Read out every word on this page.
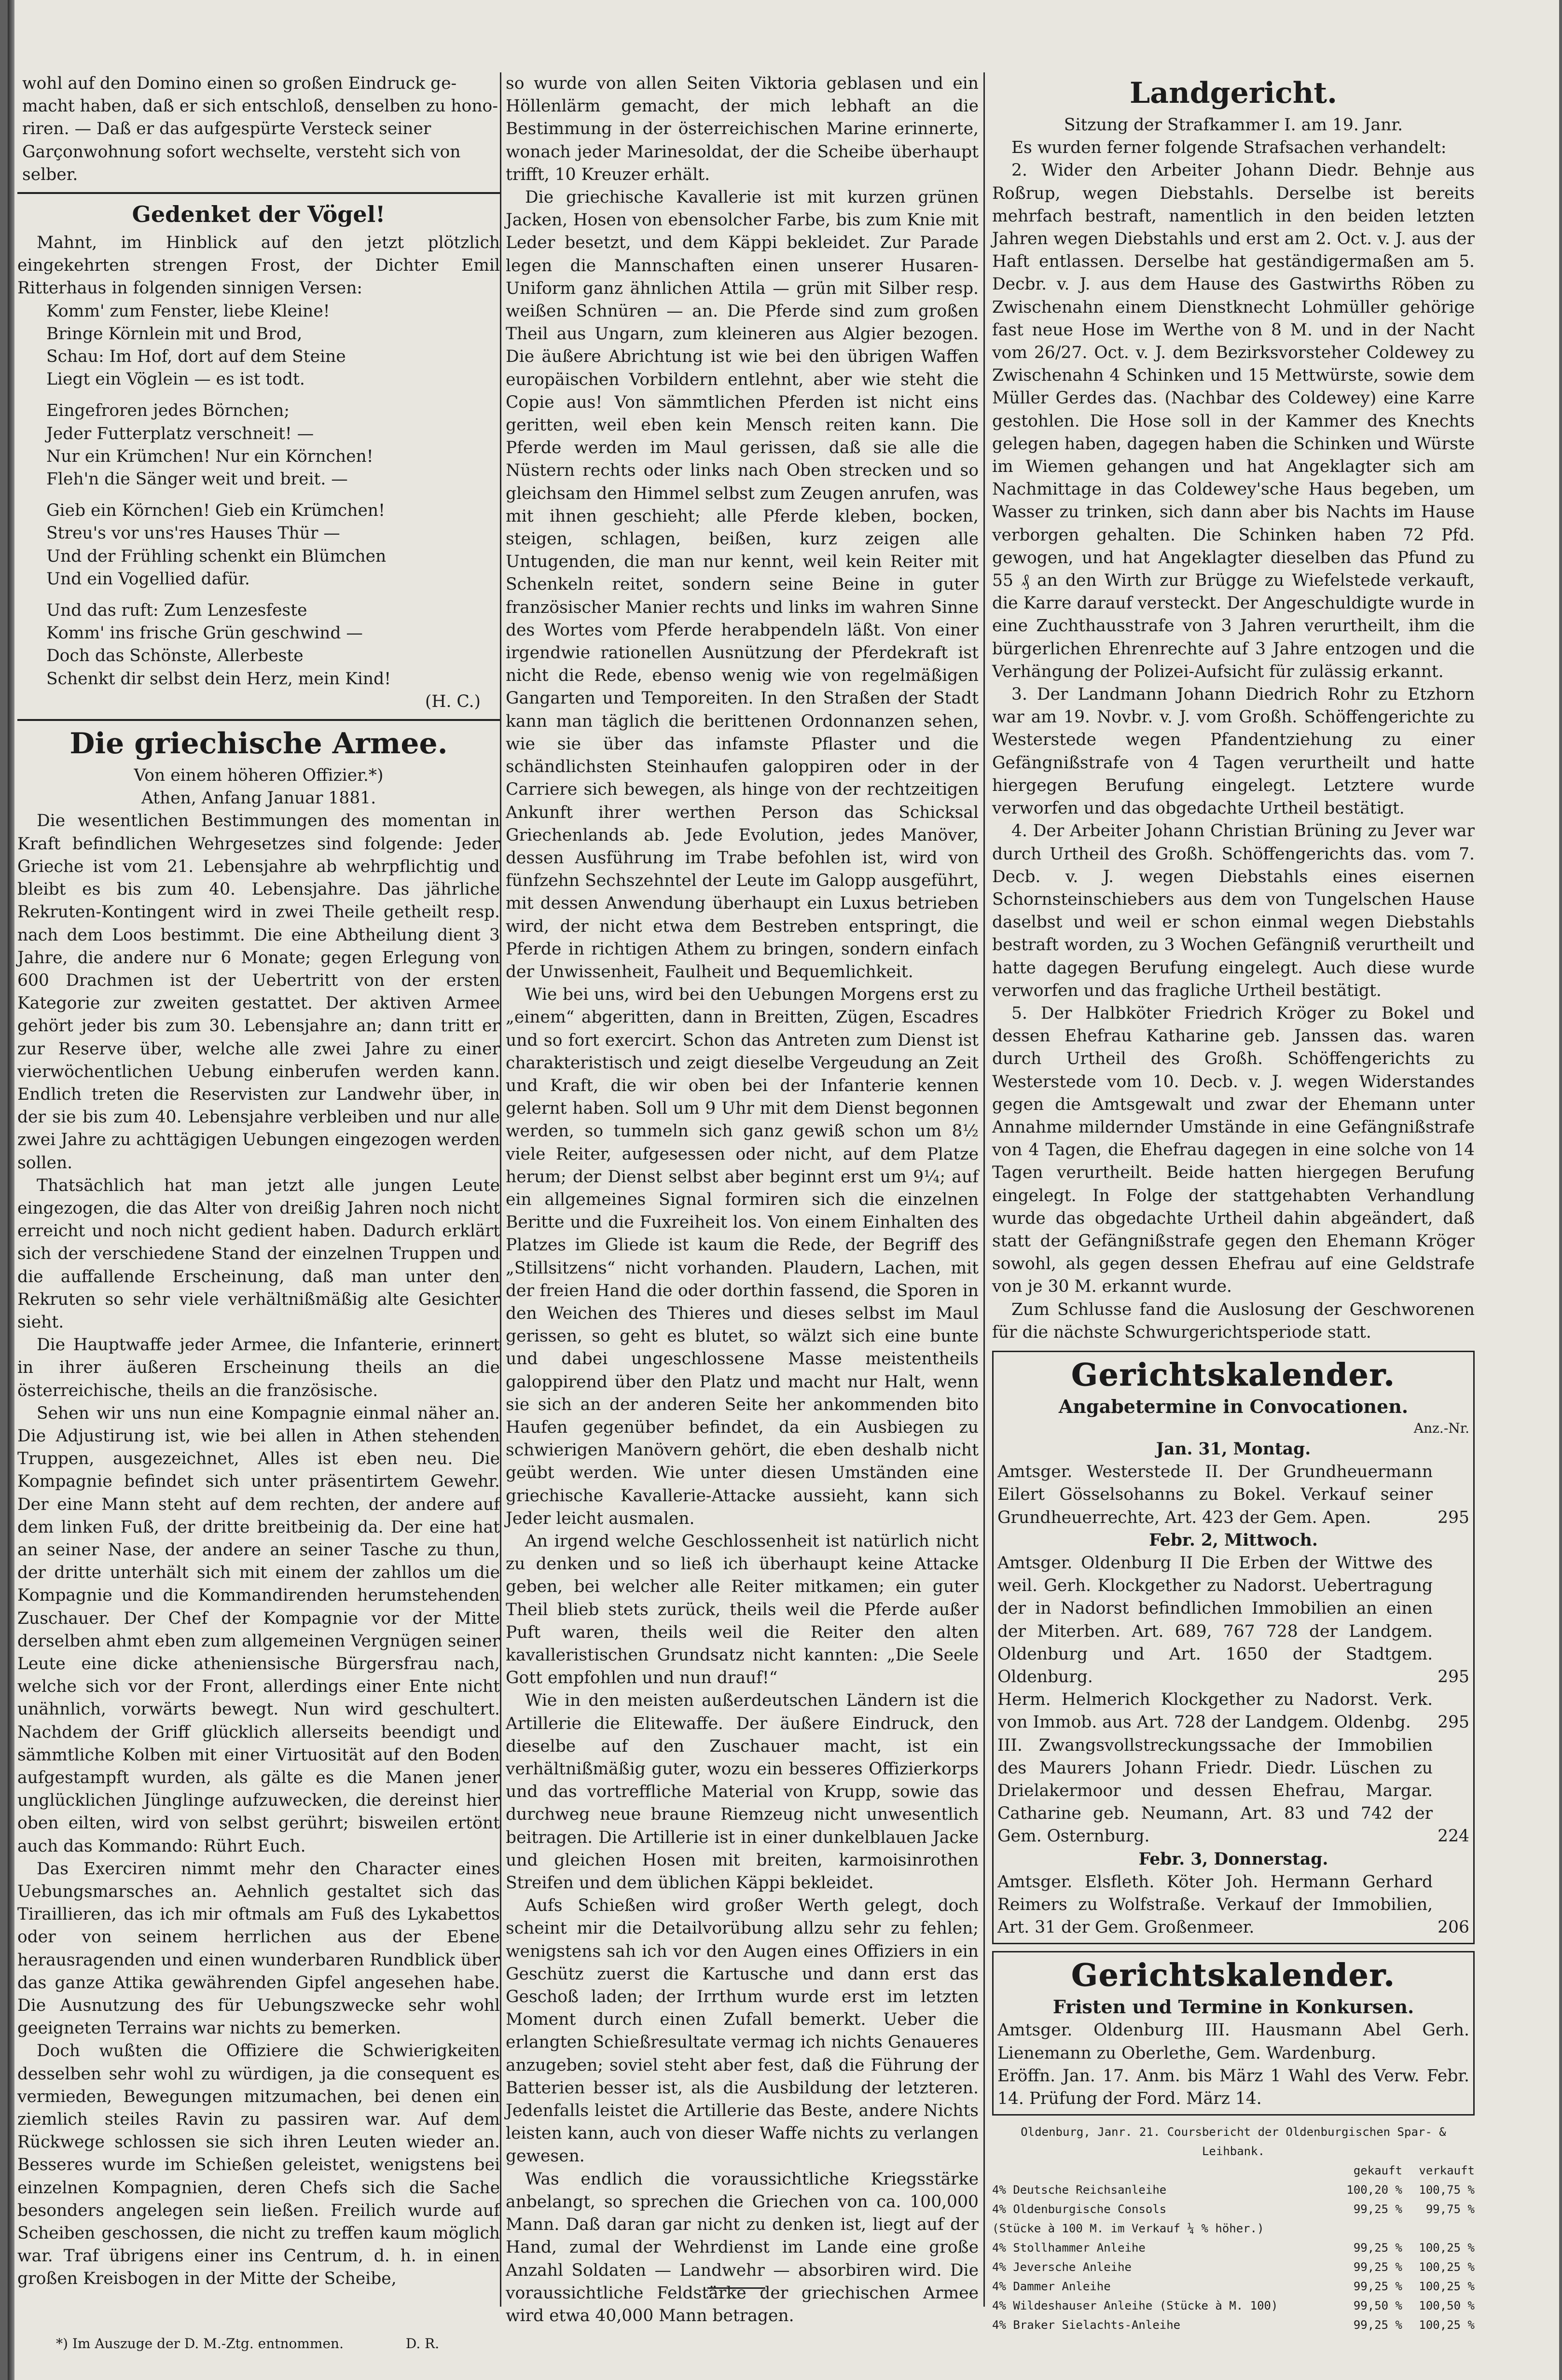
wohl auf den Domino einen so großen Eindruck ge-
macht haben, daß er sich entschloß, denselben zu hono-
riren. — Daß er das aufgespürte Versteck seiner
Garçonwohnung sofort wechselte, versteht sich von
selber.
Gedenket der Vögel!

Mahnt, im Hinblick auf den jetzt plötzlich eingekehrten strengen Frost, der Dichter Emil Ritterhaus in folgenden sinnigen Versen:

Komm' zum Fenster, liebe Kleine!
Bringe Körnlein mit und Brod,
Schau: Im Hof, dort auf dem Steine
Liegt ein Vöglein — es ist todt.
Eingefroren jedes Börnchen;
Jeder Futterplatz verschneit! —
Nur ein Krümchen! Nur ein Körnchen!
Fleh'n die Sänger weit und breit. —
Gieb ein Körnchen! Gieb ein Krümchen!
Streu's vor uns'res Hauses Thür —
Und der Frühling schenkt ein Blümchen
Und ein Vogellied dafür.
Und das ruft: Zum Lenzesfeste
Komm' ins frische Grün geschwind —
Doch das Schönste, Allerbeste
Schenkt dir selbst dein Herz, mein Kind!
(H. C.)
Die griechische Armee.
Von einem höheren Offizier.*)
Athen, Anfang Januar 1881.

Die wesentlichen Bestimmungen des momentan in Kraft befindlichen Wehrgesetzes sind folgende: Jeder Grieche ist vom 21. Lebensjahre ab wehrpflichtig und bleibt es bis zum 40. Lebensjahre. Das jährliche Rekruten-Kontingent wird in zwei Theile getheilt resp. nach dem Loos bestimmt. Die eine Abtheilung dient 3 Jahre, die andere nur 6 Monate; gegen Erlegung von 600 Drachmen ist der Uebertritt von der ersten Kategorie zur zweiten gestattet. Der aktiven Armee gehört jeder bis zum 30. Lebensjahre an; dann tritt er zur Reserve über, welche alle zwei Jahre zu einer vierwöchentlichen Uebung einberufen werden kann. Endlich treten die Reservisten zur Landwehr über, in der sie bis zum 40. Lebensjahre verbleiben und nur alle zwei Jahre zu achttägigen Uebungen eingezogen werden sollen.

Thatsächlich hat man jetzt alle jungen Leute eingezogen, die das Alter von dreißig Jahren noch nicht erreicht und noch nicht gedient haben. Dadurch erklärt sich der verschiedene Stand der einzelnen Truppen und die auffallende Erscheinung, daß man unter den Rekruten so sehr viele verhältnißmäßig alte Gesichter sieht.

Die Hauptwaffe jeder Armee, die Infanterie, erinnert in ihrer äußeren Erscheinung theils an die österreichische, theils an die französische.

Sehen wir uns nun eine Kompagnie einmal näher an. Die Adjustirung ist, wie bei allen in Athen stehenden Truppen, ausgezeichnet, Alles ist eben neu. Die Kompagnie befindet sich unter präsentirtem Gewehr. Der eine Mann steht auf dem rechten, der andere auf dem linken Fuß, der dritte breitbeinig da. Der eine hat an seiner Nase, der andere an seiner Tasche zu thun, der dritte unterhält sich mit einem der zahllos um die Kompagnie und die Kommandirenden herumstehenden Zuschauer. Der Chef der Kompagnie vor der Mitte derselben ahmt eben zum allgemeinen Vergnügen seiner Leute eine dicke atheniensische Bürgersfrau nach, welche sich vor der Front, allerdings einer Ente nicht unähnlich, vorwärts bewegt. Nun wird geschultert. Nachdem der Griff glücklich allerseits beendigt und sämmtliche Kolben mit einer Virtuosität auf den Boden aufgestampft wurden, als gälte es die Manen jener unglücklichen Jünglinge aufzuwecken, die dereinst hier oben eilten, wird von selbst gerührt; bisweilen ertönt auch das Kommando: Rührt Euch.

Das Exerciren nimmt mehr den Character eines Uebungsmarsches an. Aehnlich gestaltet sich das Tiraillieren, das ich mir oftmals am Fuß des Lykabettos oder von seinem herrlichen aus der Ebene herausragenden und einen wunderbaren Rundblick über das ganze Attika gewährenden Gipfel angesehen habe. Die Ausnutzung des für Uebungszwecke sehr wohl geeigneten Terrains war nichts zu bemerken.

Doch wußten die Offiziere die Schwierigkeiten desselben sehr wohl zu würdigen, ja die consequent es vermieden, Bewegungen mitzumachen, bei denen ein ziemlich steiles Ravin zu passiren war. Auf dem Rückwege schlossen sie sich ihren Leuten wieder an. Besseres wurde im Schießen geleistet, wenigstens bei einzelnen Kompagnien, deren Chefs sich die Sache besonders angelegen sein ließen. Freilich wurde auf Scheiben geschossen, die nicht zu treffen kaum möglich war. Traf übrigens einer ins Centrum, d. h. in einen großen Kreisbogen in der Mitte der Scheibe,

so wurde von allen Seiten Viktoria geblasen und ein Höllenlärm gemacht, der mich lebhaft an die Bestimmung in der österreichischen Marine erinnerte, wonach jeder Marinesoldat, der die Scheibe überhaupt trifft, 10 Kreuzer erhält.

Die griechische Kavallerie ist mit kurzen grünen Jacken, Hosen von ebensolcher Farbe, bis zum Knie mit Leder besetzt, und dem Käppi bekleidet. Zur Parade legen die Mannschaften einen unserer Husaren-Uniform ganz ähnlichen Attila — grün mit Silber resp. weißen Schnüren — an. Die Pferde sind zum großen Theil aus Ungarn, zum kleineren aus Algier bezogen. Die äußere Abrichtung ist wie bei den übrigen Waffen europäischen Vorbildern entlehnt, aber wie steht die Copie aus! Von sämmtlichen Pferden ist nicht eins geritten, weil eben kein Mensch reiten kann. Die Pferde werden im Maul gerissen, daß sie alle die Nüstern rechts oder links nach Oben strecken und so gleichsam den Himmel selbst zum Zeugen anrufen, was mit ihnen geschieht; alle Pferde kleben, bocken, steigen, schlagen, beißen, kurz zeigen alle Untugenden, die man nur kennt, weil kein Reiter mit Schenkeln reitet, sondern seine Beine in guter französischer Manier rechts und links im wahren Sinne des Wortes vom Pferde herabpendeln läßt. Von einer irgendwie rationellen Ausnützung der Pferdekraft ist nicht die Rede, ebenso wenig wie von regelmäßigen Gangarten und Temporeiten. In den Straßen der Stadt kann man täglich die berittenen Ordonnanzen sehen, wie sie über das infamste Pflaster und die schändlichsten Steinhaufen galoppiren oder in der Carriere sich bewegen, als hinge von der rechtzeitigen Ankunft ihrer werthen Person das Schicksal Griechenlands ab. Jede Evolution, jedes Manöver, dessen Ausführung im Trabe befohlen ist, wird von fünfzehn Sechszehntel der Leute im Galopp ausgeführt, mit dessen Anwendung überhaupt ein Luxus betrieben wird, der nicht etwa dem Bestreben entspringt, die Pferde in richtigen Athem zu bringen, sondern einfach der Unwissenheit, Faulheit und Bequemlichkeit.

Wie bei uns, wird bei den Uebungen Morgens erst zu „einem“ abgeritten, dann in Breitten, Zügen, Escadres und so fort exercirt. Schon das Antreten zum Dienst ist charakteristisch und zeigt dieselbe Vergeudung an Zeit und Kraft, die wir oben bei der Infanterie kennen gelernt haben. Soll um 9 Uhr mit dem Dienst begonnen werden, so tummeln sich ganz gewiß schon um 8½ viele Reiter, aufgesessen oder nicht, auf dem Platze herum; der Dienst selbst aber beginnt erst um 9¼; auf ein allgemeines Signal formiren sich die einzelnen Beritte und die Fuxreiheit los. Von einem Einhalten des Platzes im Gliede ist kaum die Rede, der Begriff des „Stillsitzens“ nicht vorhanden. Plaudern, Lachen, mit der freien Hand die oder dorthin fassend, die Sporen in den Weichen des Thieres und dieses selbst im Maul gerissen, so geht es blutet, so wälzt sich eine bunte und dabei ungeschlossene Masse meistentheils galoppirend über den Platz und macht nur Halt, wenn sie sich an der anderen Seite her ankommenden bito Haufen gegenüber befindet, da ein Ausbiegen zu schwierigen Manövern gehört, die eben deshalb nicht geübt werden. Wie unter diesen Umständen eine griechische Kavallerie-Attacke aussieht, kann sich Jeder leicht ausmalen.

An irgend welche Geschlossenheit ist natürlich nicht zu denken und so ließ ich überhaupt keine Attacke geben, bei welcher alle Reiter mitkamen; ein guter Theil blieb stets zurück, theils weil die Pferde außer Puft waren, theils weil die Reiter den alten kavalleristischen Grundsatz nicht kannten: „Die Seele Gott empfohlen und nun drauf!“

Wie in den meisten außerdeutschen Ländern ist die Artillerie die Elitewaffe. Der äußere Eindruck, den dieselbe auf den Zuschauer macht, ist ein verhältnißmäßig guter, wozu ein besseres Offizierkorps und das vortreffliche Material von Krupp, sowie das durchweg neue braune Riemzeug nicht unwesentlich beitragen. Die Artillerie ist in einer dunkelblauen Jacke und gleichen Hosen mit breiten, karmoisinrothen Streifen und dem üblichen Käppi bekleidet.

Aufs Schießen wird großer Werth gelegt, doch scheint mir die Detailvorübung allzu sehr zu fehlen; wenigstens sah ich vor den Augen eines Offiziers in ein Geschütz zuerst die Kartusche und dann erst das Geschoß laden; der Irrthum wurde erst im letzten Moment durch einen Zufall bemerkt. Ueber die erlangten Schießresultate vermag ich nichts Genaueres anzugeben; soviel steht aber fest, daß die Führung der Batterien besser ist, als die Ausbildung der letzteren. Jedenfalls leistet die Artillerie das Beste, andere Nichts leisten kann, auch von dieser Waffe nichts zu verlangen gewesen.

Was endlich die voraussichtliche Kriegsstärke anbelangt, so sprechen die Griechen von ca. 100,000 Mann. Daß daran gar nicht zu denken ist, liegt auf der Hand, zumal der Wehrdienst im Lande eine große Anzahl Soldaten — Landwehr — absorbiren wird. Die voraussichtliche Feldstärke der griechischen Armee wird etwa 40,000 Mann betragen.

Landgericht.
Sitzung der Strafkammer I. am 19. Janr.

Es wurden ferner folgende Strafsachen verhandelt:

2. Wider den Arbeiter Johann Diedr. Behnje aus Roßrup, wegen Diebstahls. Derselbe ist bereits mehrfach bestraft, namentlich in den beiden letzten Jahren wegen Diebstahls und erst am 2. Oct. v. J. aus der Haft entlassen. Derselbe hat geständigermaßen am 5. Decbr. v. J. aus dem Hause des Gastwirths Röben zu Zwischenahn einem Dienstknecht Lohmüller gehörige fast neue Hose im Werthe von 8 M. und in der Nacht vom 26/27. Oct. v. J. dem Bezirksvorsteher Coldewey zu Zwischenahn 4 Schinken und 15 Mettwürste, sowie dem Müller Gerdes das. (Nachbar des Coldewey) eine Karre gestohlen. Die Hose soll in der Kammer des Knechts gelegen haben, dagegen haben die Schinken und Würste im Wiemen gehangen und hat Angeklagter sich am Nachmittage in das Coldewey'sche Haus begeben, um Wasser zu trinken, sich dann aber bis Nachts im Hause verborgen gehalten. Die Schinken haben 72 Pfd. gewogen, und hat Angeklagter dieselben das Pfund zu 55 ₰ an den Wirth zur Brügge zu Wiefelstede verkauft, die Karre darauf versteckt. Der Angeschuldigte wurde in eine Zuchthausstrafe von 3 Jahren verurtheilt, ihm die bürgerlichen Ehrenrechte auf 3 Jahre entzogen und die Verhängung der Polizei-Aufsicht für zulässig erkannt.

3. Der Landmann Johann Diedrich Rohr zu Etzhorn war am 19. Novbr. v. J. vom Großh. Schöffengerichte zu Westerstede wegen Pfandentziehung zu einer Gefängnißstrafe von 4 Tagen verurtheilt und hatte hiergegen Berufung eingelegt. Letztere wurde verworfen und das obgedachte Urtheil bestätigt.

4. Der Arbeiter Johann Christian Brüning zu Jever war durch Urtheil des Großh. Schöffengerichts das. vom 7. Decb. v. J. wegen Diebstahls eines eisernen Schornsteinschiebers aus dem von Tungelschen Hause daselbst und weil er schon einmal wegen Diebstahls bestraft worden, zu 3 Wochen Gefängniß verurtheilt und hatte dagegen Berufung eingelegt. Auch diese wurde verworfen und das fragliche Urtheil bestätigt.

5. Der Halbköter Friedrich Kröger zu Bokel und dessen Ehefrau Katharine geb. Janssen das. waren durch Urtheil des Großh. Schöffengerichts zu Westerstede vom 10. Decb. v. J. wegen Widerstandes gegen die Amtsgewalt und zwar der Ehemann unter Annahme mildernder Umstände in eine Gefängnißstrafe von 4 Tagen, die Ehefrau dagegen in eine solche von 14 Tagen verurtheilt. Beide hatten hiergegen Berufung eingelegt. In Folge der stattgehabten Verhandlung wurde das obgedachte Urtheil dahin abgeändert, daß statt der Gefängnißstrafe gegen den Ehemann Kröger sowohl, als gegen dessen Ehefrau auf eine Geldstrafe von je 30 M. erkannt wurde.

Zum Schlusse fand die Auslosung der Geschworenen für die nächste Schwurgerichtsperiode statt.

Gerichtskalender.
Angabetermine in Convocationen.
Anz.-Nr.
Jan. 31, Montag.

Amtsger. Westerstede II. Der Grundheuermann Eilert Gösselsohanns zu Bokel. Verkauf seiner Grundheuerrechte, Art. 423 der Gem. Apen.	295
Febr. 2, Mittwoch.

Amtsger. Oldenburg II Die Erben der Wittwe des weil. Gerh. Klockgether zu Nadorst. Uebertragung der in Nadorst befindlichen Immobilien an einen der Miterben. Art. 689, 767 728 der Landgem. Oldenburg und Art. 1650 der Stadtgem. Oldenburg.	295

Herm. Helmerich Klockgether zu Nadorst. Verk. von Immob. aus Art. 728 der Landgem. Oldenbg.	295

III. Zwangsvollstreckungssache der Immobilien des Maurers Johann Friedr. Diedr. Lüschen zu Drielakermoor und dessen Ehefrau, Margar. Catharine geb. Neumann, Art. 83 und 742 der Gem. Osternburg.	224
Febr. 3, Donnerstag.

Amtsger. Elsfleth. Köter Joh. Hermann Gerhard Reimers zu Wolfstraße. Verkauf der Immobilien, Art. 31 der Gem. Großenmeer.	206
Gerichtskalender.
Fristen und Termine in Konkursen.

Amtsger. Oldenburg III. Hausmann Abel Gerh. Lienemann zu Oberlethe, Gem. Wardenburg.

Eröffn. Jan. 17. Anm. bis März 1 Wahl des Verw. Febr. 14. Prüfung der Ford. März 14.

Oldenburg, Janr. 21. Coursbericht der Oldenburgischen Spar- & Leihbank.
gekauft	verkauft
4% Deutsche Reichsanleihe	100,20 %	100,75 %
4% Oldenburgische Consols	99,25 %	99,75 %
(Stücke à 100 M. im Verkauf ¼ % höher.)
4% Stollhammer Anleihe	99,25 %	100,25 %
4% Jeversche Anleihe	99,25 %	100,25 %
4% Dammer Anleihe	99,25 %	100,25 %
4% Wildeshauser Anleihe (Stücke à M. 100)	99,50 %	100,50 %
4% Braker Sielachts-Anleihe	99,25 %	100,25 %
*) Im Auszuge der D. M.-Ztg. entnommen.	D. R.
